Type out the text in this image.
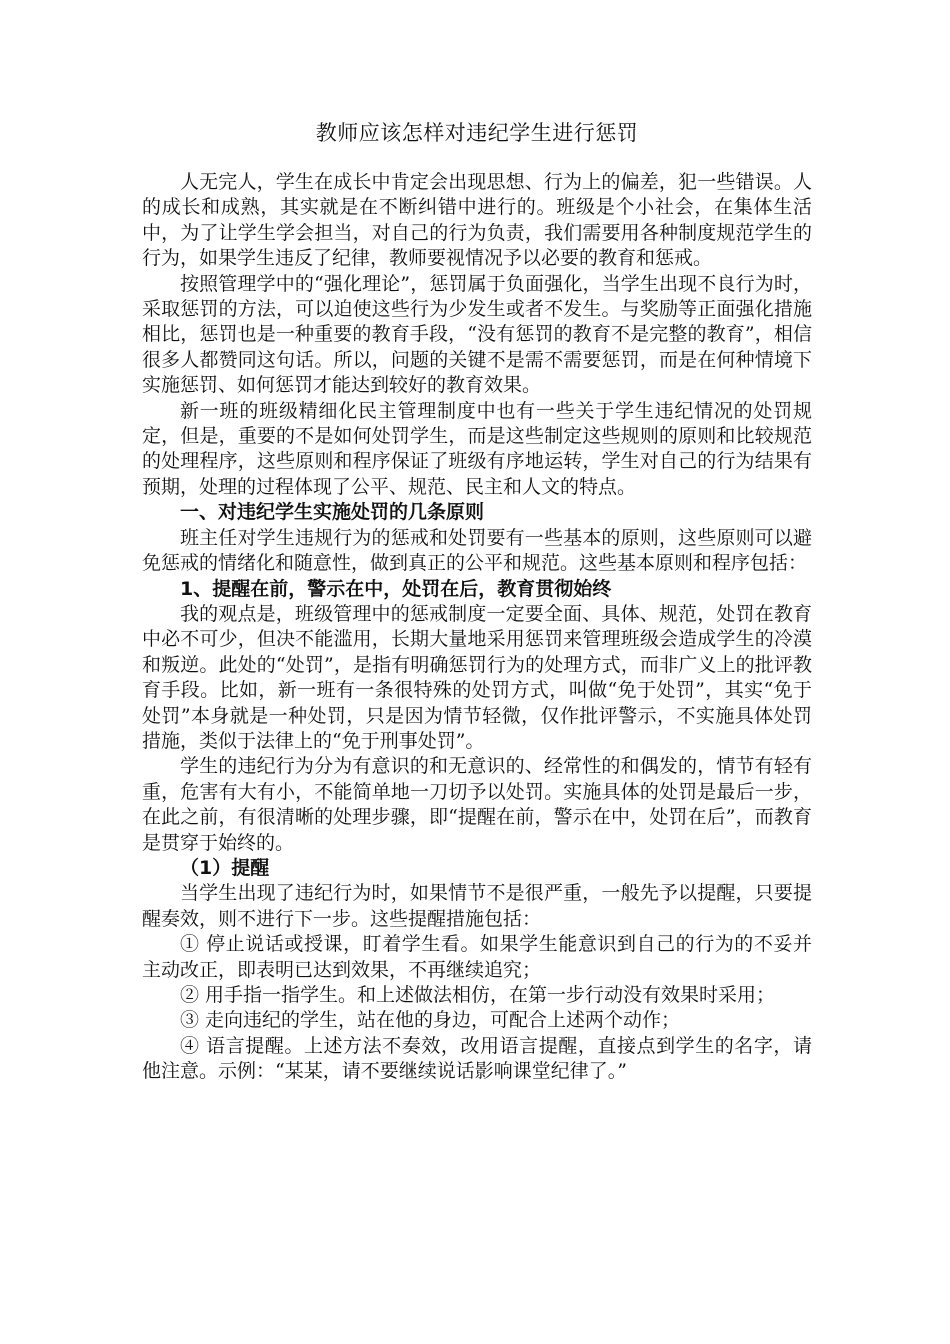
教师应该怎样对违纪学生进行惩罚

人无完人，学生在成长中肯定会出现思想、行为上的偏差，犯一些错误。人的成长和成熟，其实就是在不断纠错中进行的。班级是个小社会，在集体生活中，为了让学生学会担当，对自己的行为负责，我们需要用各种制度规范学生的行为，如果学生违反了纪律，教师要视情况予以必要的教育和惩戒。

按照管理学中的“强化理论”，惩罚属于负面强化，当学生出现不良行为时，采取惩罚的方法，可以迫使这些行为少发生或者不发生。与奖励等正面强化措施相比，惩罚也是一种重要的教育手段，“没有惩罚的教育不是完整的教育”，相信很多人都赞同这句话。所以，问题的关键不是需不需要惩罚，而是在何种情境下实施惩罚、如何惩罚才能达到较好的教育效果。

新一班的班级精细化民主管理制度中也有一些关于学生违纪情况的处罚规定，但是，重要的不是如何处罚学生，而是这些制定这些规则的原则和比较规范的处理程序，这些原则和程序保证了班级有序地运转，学生对自己的行为结果有预期，处理的过程体现了公平、规范、民主和人文的特点。

一、对违纪学生实施处罚的几条原则

班主任对学生违规行为的惩戒和处罚要有一些基本的原则，这些原则可以避免惩戒的情绪化和随意性，做到真正的公平和规范。这些基本原则和程序包括：

1、提醒在前，警示在中，处罚在后，教育贯彻始终

我的观点是，班级管理中的惩戒制度一定要全面、具体、规范，处罚在教育中必不可少，但决不能滥用，长期大量地采用惩罚来管理班级会造成学生的冷漠和叛逆。此处的“处罚”，是指有明确惩罚行为的处理方式，而非广义上的批评教育手段。比如，新一班有一条很特殊的处罚方式，叫做“免于处罚”，其实“免于处罚”本身就是一种处罚，只是因为情节轻微，仅作批评警示，不实施具体处罚措施，类似于法律上的“免于刑事处罚”。

学生的违纪行为分为有意识的和无意识的、经常性的和偶发的，情节有轻有重，危害有大有小，不能简单地一刀切予以处罚。实施具体的处罚是最后一步，在此之前，有很清晰的处理步骤，即“提醒在前，警示在中，处罚在后”，而教育是贯穿于始终的。

（1）提醒

当学生出现了违纪行为时，如果情节不是很严重，一般先予以提醒，只要提醒奏效，则不进行下一步。这些提醒措施包括：

① 停止说话或授课，盯着学生看。如果学生能意识到自己的行为的不妥并主动改正，即表明已达到效果，不再继续追究；

② 用手指一指学生。和上述做法相仿，在第一步行动没有效果时采用；

③ 走向违纪的学生，站在他的身边，可配合上述两个动作；

④ 语言提醒。上述方法不奏效，改用语言提醒，直接点到学生的名字，请他注意。示例：“某某，请不要继续说话影响课堂纪律了。”
